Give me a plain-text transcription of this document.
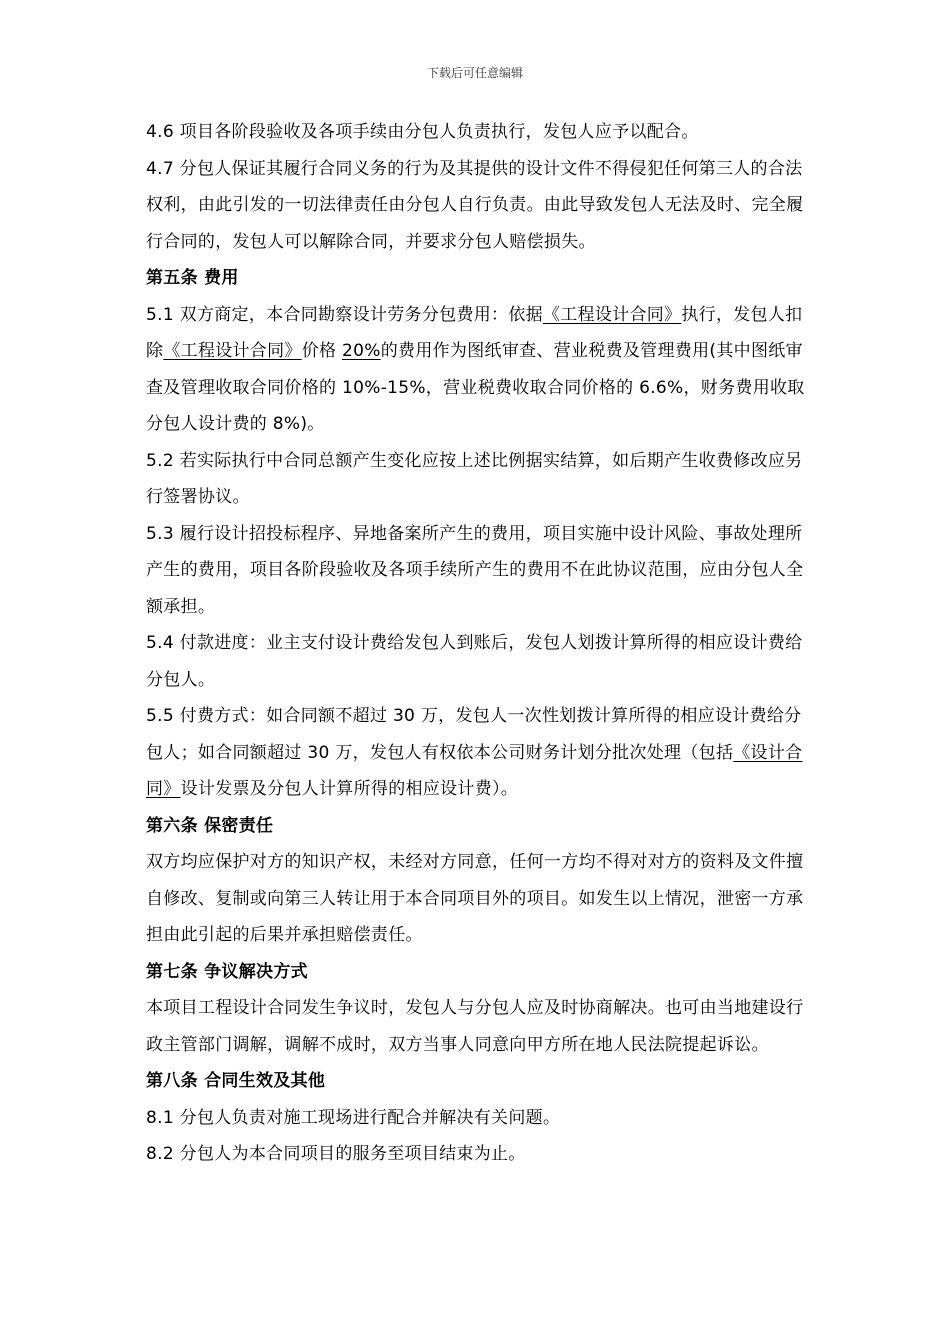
下载后可任意编辑

4.6 项目各阶段验收及各项手续由分包人负责执行，发包人应予以配合。

4.7 分包人保证其履行合同义务的行为及其提供的设计文件不得侵犯任何第三人的合法权利，由此引发的一切法律责任由分包人自行负责。由此导致发包人无法及时、完全履行合同的，发包人可以解除合同，并要求分包人赔偿损失。

第五条 费用

5.1 双方商定，本合同勘察设计劳务分包费用：依据《工程设计合同》执行，发包人扣除《工程设计合同》价格 20%的费用作为图纸审查、营业税费及管理费用(其中图纸审查及管理收取合同价格的 10%-15%，营业税费收取合同价格的 6.6%，财务费用收取分包人设计费的 8%)。

5.2 若实际执行中合同总额产生变化应按上述比例据实结算，如后期产生收费修改应另行签署协议。

5.3 履行设计招投标程序、异地备案所产生的费用，项目实施中设计风险、事故处理所产生的费用，项目各阶段验收及各项手续所产生的费用不在此协议范围，应由分包人全额承担。

5.4 付款进度：业主支付设计费给发包人到账后，发包人划拨计算所得的相应设计费给分包人。

5.5 付费方式：如合同额不超过 30 万，发包人一次性划拨计算所得的相应设计费给分包人；如合同额超过 30 万，发包人有权依本公司财务计划分批次处理（包括《设计合同》设计发票及分包人计算所得的相应设计费）。

第六条 保密责任

双方均应保护对方的知识产权，未经对方同意，任何一方均不得对对方的资料及文件擅自修改、复制或向第三人转让用于本合同项目外的项目。如发生以上情况，泄密一方承担由此引起的后果并承担赔偿责任。

第七条 争议解决方式

本项目工程设计合同发生争议时，发包人与分包人应及时协商解决。也可由当地建设行政主管部门调解，调解不成时，双方当事人同意向甲方所在地人民法院提起诉讼。

第八条 合同生效及其他

8.1 分包人负责对施工现场进行配合并解决有关问题。

8.2 分包人为本合同项目的服务至项目结束为止。
